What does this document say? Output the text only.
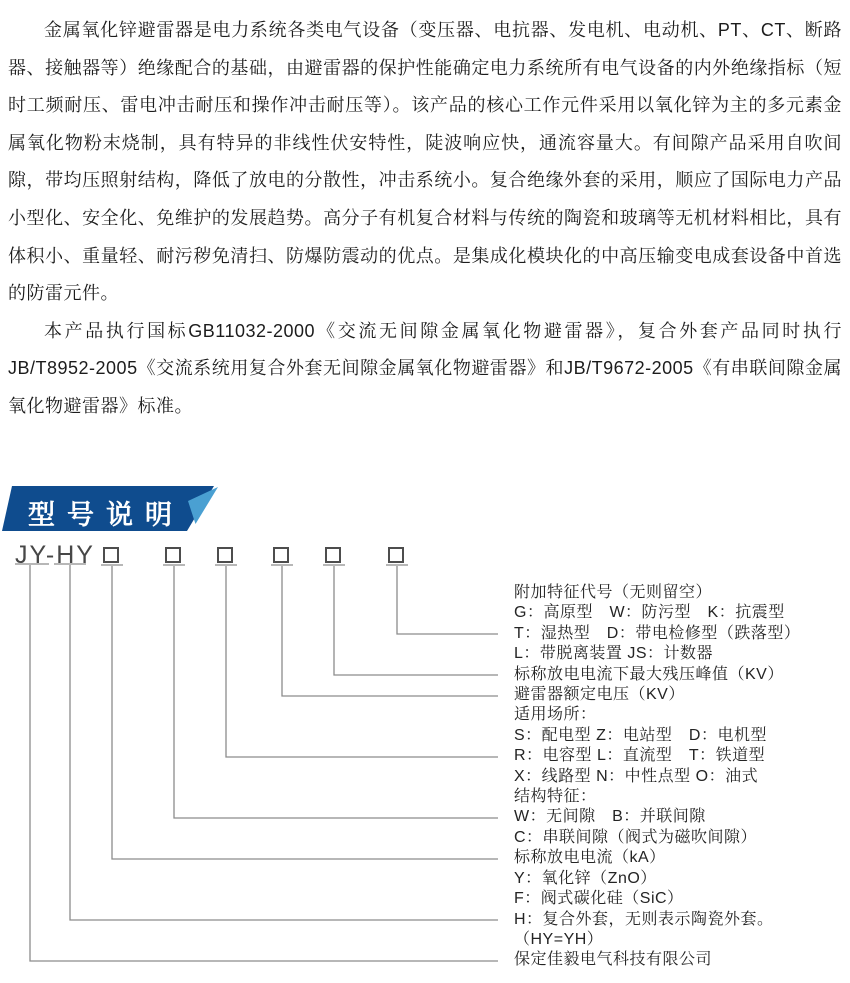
金属氧化锌避雷器是电力系统各类电气设备（变压器、电抗器、发电机、电动机、PT、CT、断路器、接触器等）绝缘配合的基础，由避雷器的保护性能确定电力系统所有电气设备的内外绝缘指标（短时工频耐压、雷电冲击耐压和操作冲击耐压等）。该产品的核心工作元件采用以氧化锌为主的多元素金属氧化物粉末烧制，具有特异的非线性伏安特性，陡波响应快，通流容量大。有间隙产品采用自吹间隙，带均压照射结构，降低了放电的分散性，冲击系统小。复合绝缘外套的采用，顺应了国际电力产品小型化、安全化、免维护的发展趋势。高分子有机复合材料与传统的陶瓷和玻璃等无机材料相比，具有体积小、重量轻、耐污秽免清扫、防爆防震动的优点。是集成化模块化的中高压输变电成套设备中首选的防雷元件。

本产品执行国标GB11032-2000《交流无间隙金属氧化物避雷器》，复合外套产品同时执行JB/T8952-2005《交流系统用复合外套无间隙金属氧化物避雷器》和JB/T9672-2005《有串联间隙金属氧化物避雷器》标准。

型号说明
JY-HY
附加特征代号（无则留空）
G：高原型　W：防污型　K：抗震型
T：湿热型　D：带电检修型（跌落型）
L：带脱离装置 JS：计数器
标称放电电流下最大残压峰值（KV）
避雷器额定电压（KV）
适用场所：
S：配电型 Z：电站型　D：电机型
R：电容型 L：直流型　T：铁道型
X：线路型 N：中性点型 O：油式
结构特征：
W：无间隙　B：并联间隙
C：串联间隙（阀式为磁吹间隙）
标称放电电流（kA）
Y：氧化锌（ZnO）
F：阀式碳化硅（SiC）
H：复合外套，无则表示陶瓷外套。
（HY=YH）
保定佳毅电气科技有限公司
